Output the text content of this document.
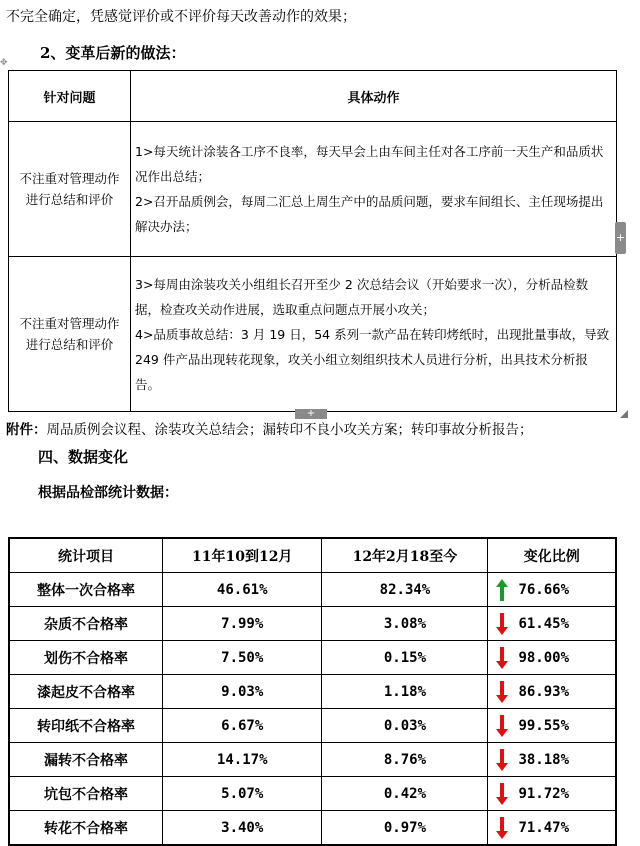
不完全确定，凭感觉评价或不评价每天改善动作的效果；
✥
2、变革后新的做法：
针对问题	具体动作
不注重对管理动作进行总结和评价	1>每天统计涂装各工序不良率，每天早会上由车间主任对各工序前一天生产和品质状况作出总结；
2>召开品质例会，每周二汇总上周生产中的品质问题，要求车间组长、主任现场提出解决办法；

不注重对管理动作进行总结和评价	3>每周由涂装攻关小组组长召开至少 2 次总结会议（开始要求一次），分析品检数据，检查攻关动作进展，选取重点问题点开展小攻关；
4>品质事故总结：3 月 19 日，54 系列一款产品在转印烤纸时，出现批量事故，导致 249 件产品出现转花现象，攻关小组立刻组织技术人员进行分析，出具技术分析报告。
+
+
附件：周品质例会议程、涂装攻关总结会；漏转印不良小攻关方案；转印事故分析报告；
四、数据变化
根据品检部统计数据：
统计项目	11年10到12月	12年2月18至今	变化比例
整体一次合格率	46.61%	82.34%	76.66%
杂质不合格率	7.99%	3.08%	61.45%
划伤不合格率	7.50%	0.15%	98.00%
漆起皮不合格率	9.03%	1.18%	86.93%
转印纸不合格率	6.67%	0.03%	99.55%
漏转不合格率	14.17%	8.76%	38.18%
坑包不合格率	5.07%	0.42%	91.72%
转花不合格率	3.40%	0.97%	71.47%
